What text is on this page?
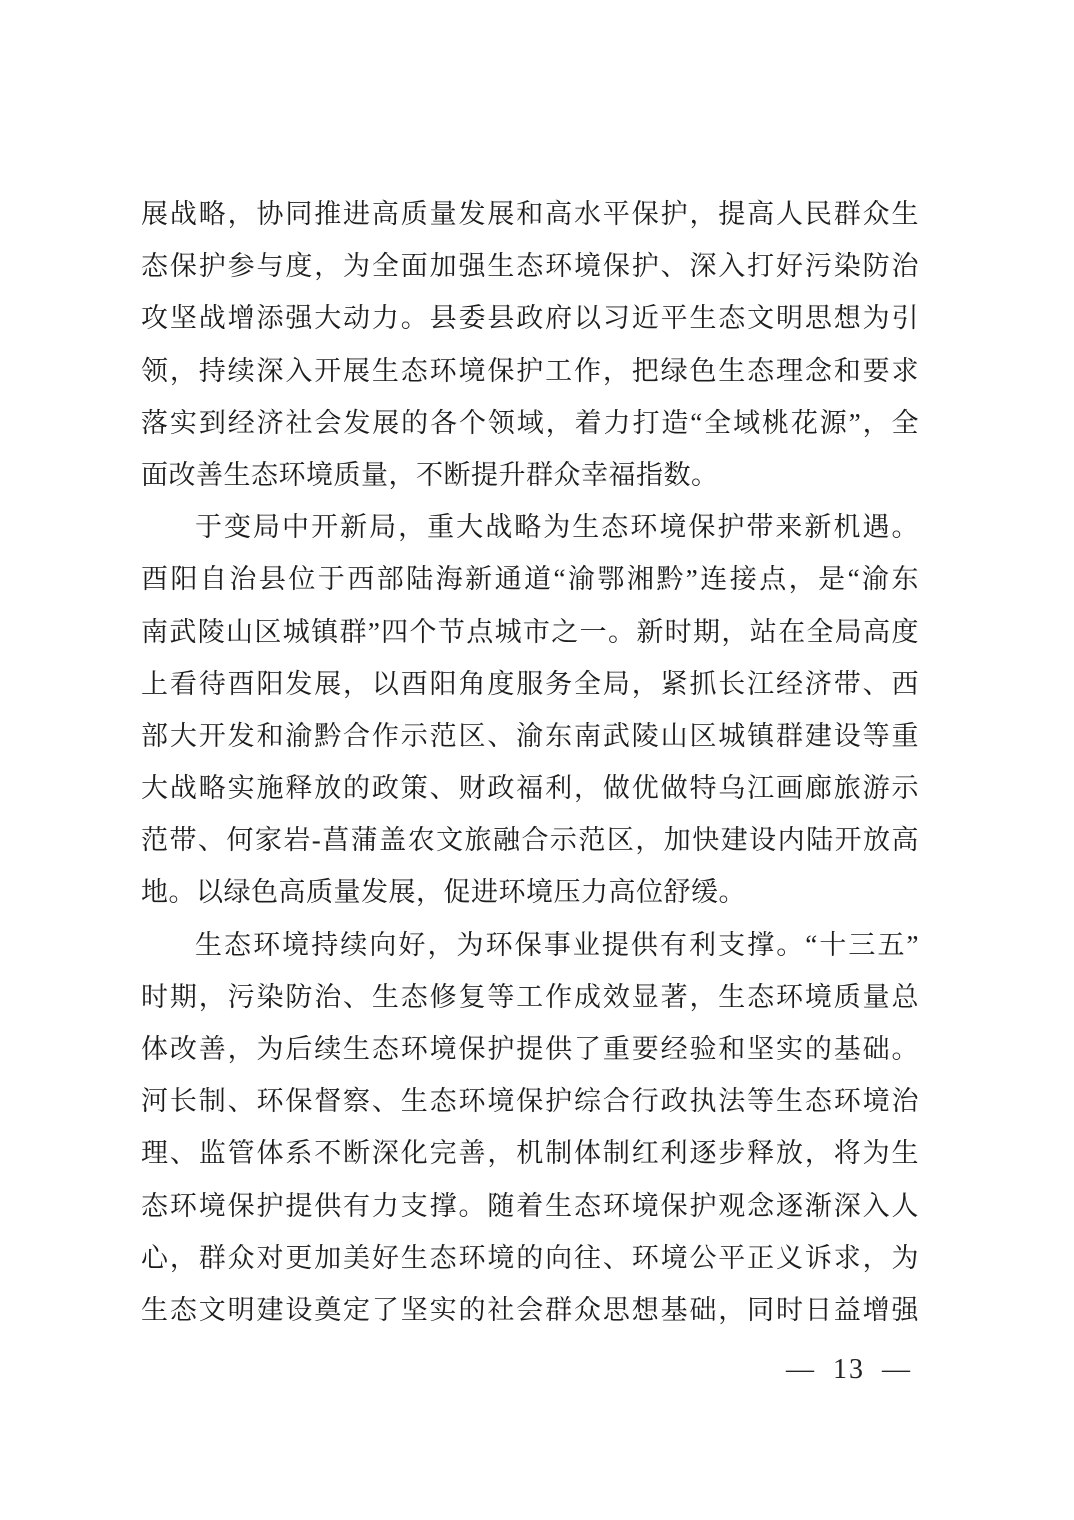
展战略，协同推进高质量发展和高水平保护，提高人民群众生
态保护参与度，为全面加强生态环境保护、深入打好污染防治
攻坚战增添强大动力。县委县政府以习近平生态文明思想为引
领，持续深入开展生态环境保护工作，把绿色生态理念和要求
落实到经济社会发展的各个领域，着力打造“全域桃花源”，全
面改善生态环境质量，不断提升群众幸福指数。
于变局中开新局，重大战略为生态环境保护带来新机遇。
酉阳自治县位于西部陆海新通道“渝鄂湘黔”连接点，是“渝东
南武陵山区城镇群”四个节点城市之一。新时期，站在全局高度
上看待酉阳发展，以酉阳角度服务全局，紧抓长江经济带、西
部大开发和渝黔合作示范区、渝东南武陵山区城镇群建设等重
大战略实施释放的政策、财政福利，做优做特乌江画廊旅游示
范带、何家岩-菖蒲盖农文旅融合示范区，加快建设内陆开放高
地。以绿色高质量发展，促进环境压力高位舒缓。
生态环境持续向好，为环保事业提供有利支撑。“十三五”
时期，污染防治、生态修复等工作成效显著，生态环境质量总
体改善，为后续生态环境保护提供了重要经验和坚实的基础。
河长制、环保督察、生态环境保护综合行政执法等生态环境治
理、监管体系不断深化完善，机制体制红利逐步释放，将为生
态环境保护提供有力支撑。随着生态环境保护观念逐渐深入人
心，群众对更加美好生态环境的向往、环境公平正义诉求，为
生态文明建设奠定了坚实的社会群众思想基础，同时日益增强
— 13 —
